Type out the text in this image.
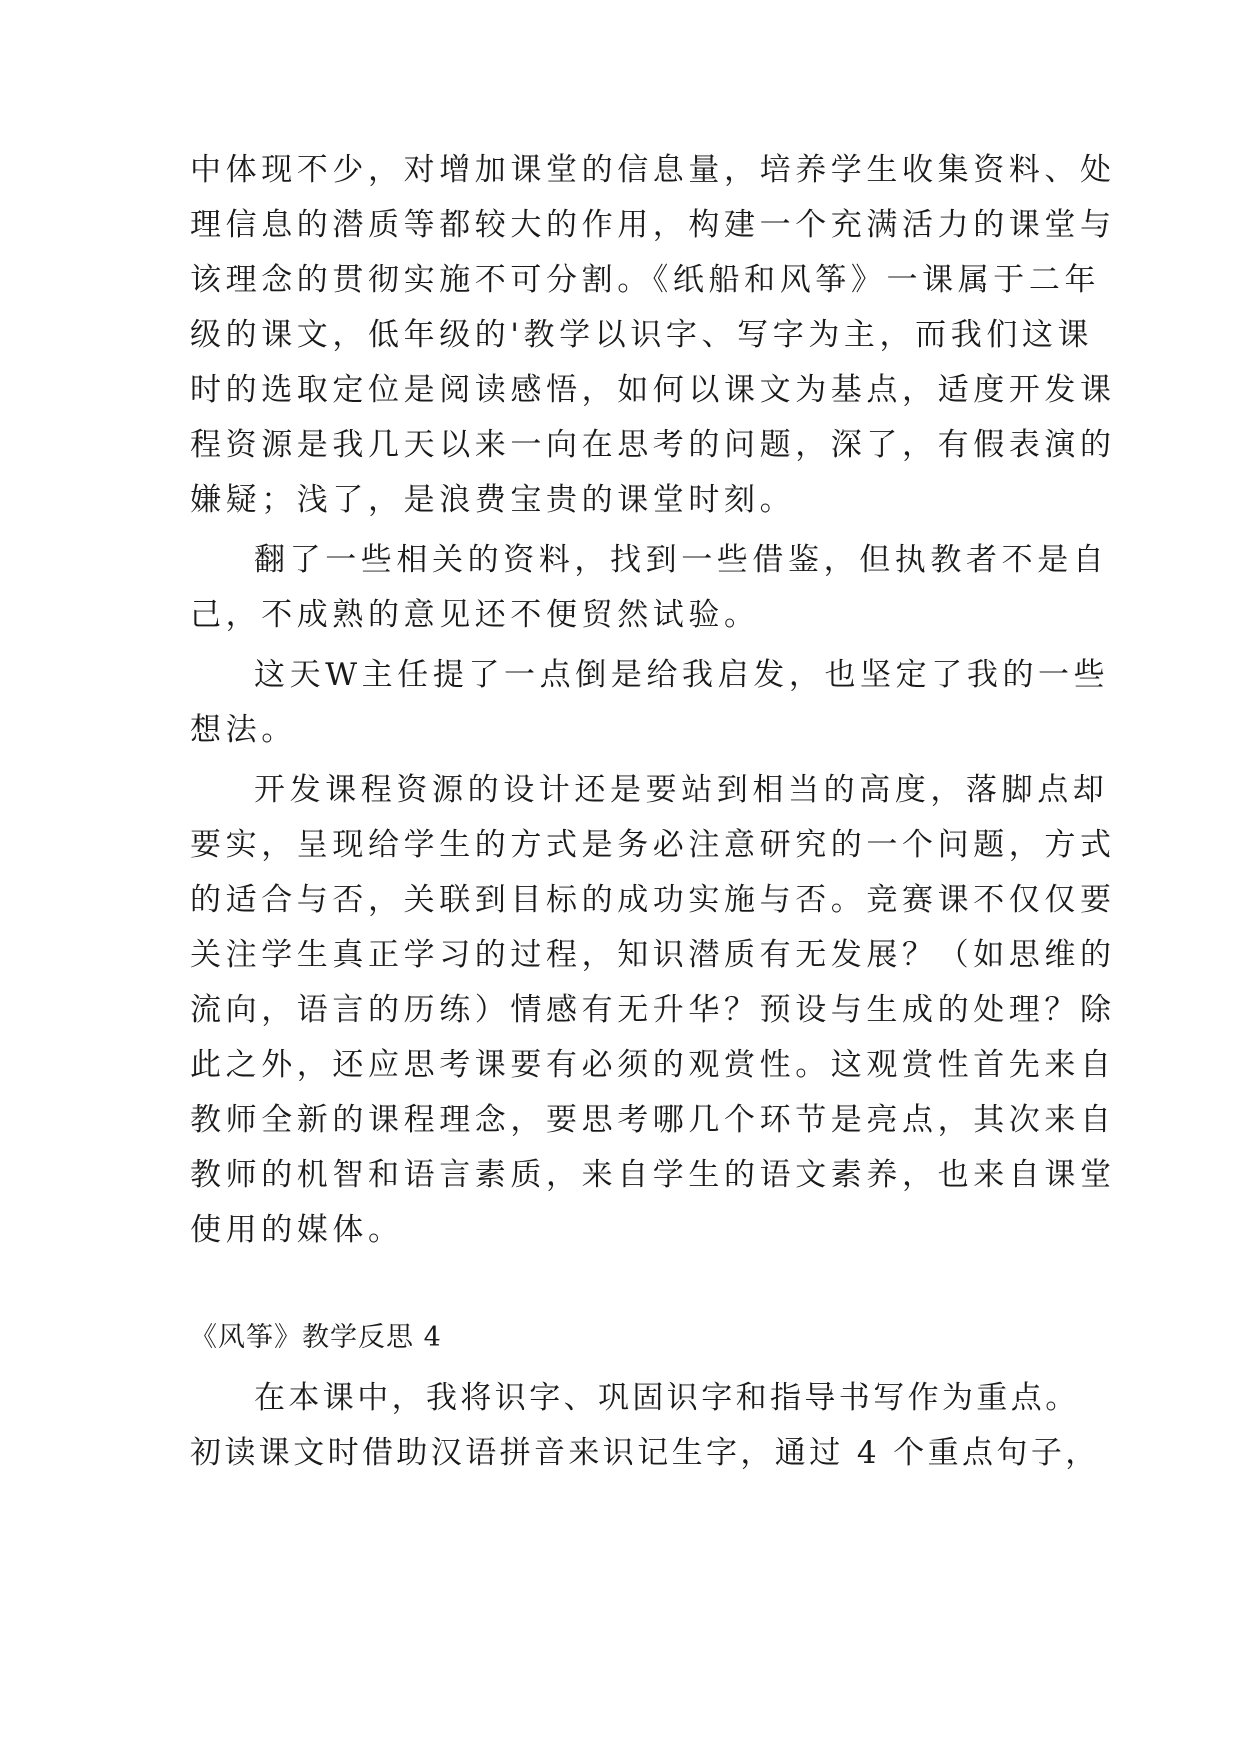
中体现不少，对增加课堂的信息量，培养学生收集资料、处
理信息的潜质等都较大的作用，构建一个充满活力的课堂与
该理念的贯彻实施不可分割。《纸船和风筝》一课属于二年
级的课文，低年级的'教学以识字、写字为主，而我们这课
时的选取定位是阅读感悟，如何以课文为基点，适度开发课
程资源是我几天以来一向在思考的问题，深了，有假表演的
嫌疑；浅了，是浪费宝贵的课堂时刻。
翻了一些相关的资料，找到一些借鉴，但执教者不是自
己，不成熟的意见还不便贸然试验。
这天W主任提了一点倒是给我启发，也坚定了我的一些
想法。
开发课程资源的设计还是要站到相当的高度，落脚点却
要实，呈现给学生的方式是务必注意研究的一个问题，方式
的适合与否，关联到目标的成功实施与否。竞赛课不仅仅要
关注学生真正学习的过程，知识潜质有无发展？（如思维的
流向，语言的历练）情感有无升华？预设与生成的处理？除
此之外，还应思考课要有必须的观赏性。这观赏性首先来自
教师全新的课程理念，要思考哪几个环节是亮点，其次来自
教师的机智和语言素质，来自学生的语文素养，也来自课堂
使用的媒体。
《风筝》教学反思 4
在本课中，我将识字、巩固识字和指导书写作为重点。
初读课文时借助汉语拼音来识记生字，通过 4 个重点句子，
